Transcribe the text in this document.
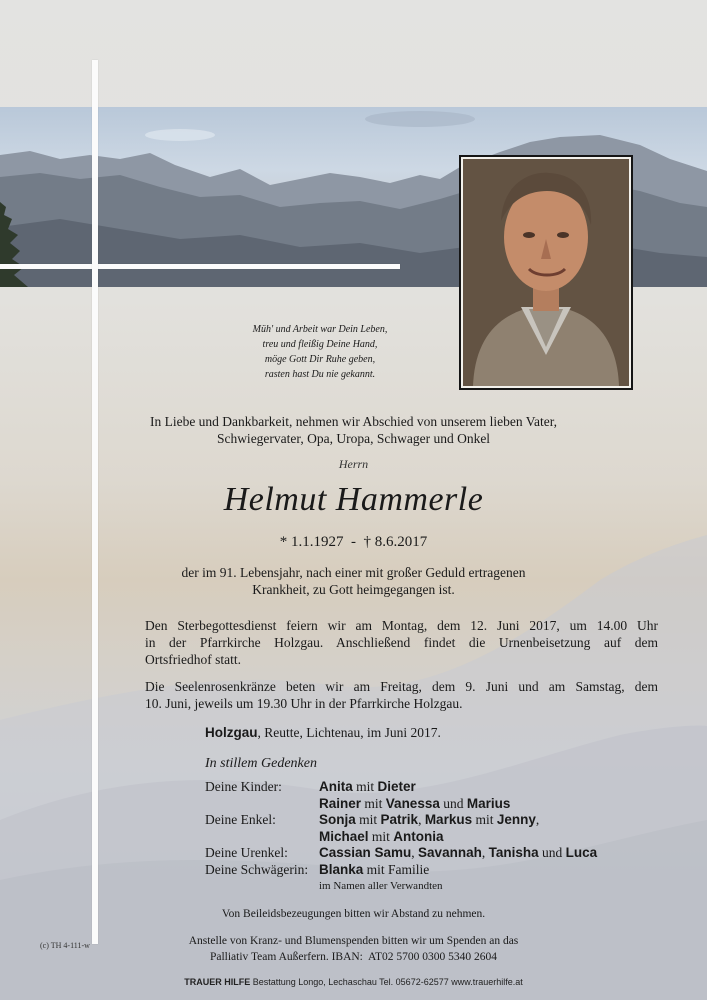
Müh' und Arbeit war Dein Leben,
treu und fleißig Deine Hand,
möge Gott Dir Ruhe geben,
rasten hast Du nie gekannt.
In Liebe und Dankbarkeit, nehmen wir Abschied von unserem lieben Vater,
Schwiegervater, Opa, Uropa, Schwager und Onkel
Herrn
Helmut Hammerle
* 1.1.1927  -  † 8.6.2017
der im 91. Lebensjahr, nach einer mit großer Geduld ertragenen
Krankheit, zu Gott heimgegangen ist.
Den Sterbegottesdienst feiern wir am Montag, dem 12. Juni 2017, um 14.00 Uhr
in der Pfarrkirche Holzgau. Anschließend findet die Urnenbeisetzung auf dem
Ortsfriedhof statt.
Die Seelenrosenkränze beten wir am Freitag, dem 9. Juni und am Samstag, dem
10. Juni, jeweils um 19.30 Uhr in der Pfarrkirche Holzgau.
Holzgau, Reutte, Lichtenau, im Juni 2017.
In stillem Gedenken
Deine Kinder:	Anita mit Dieter
Rainer mit Vanessa und Marius
Deine Enkel:	Sonja mit Patrik, Markus mit Jenny,
Michael mit Antonia
Deine Urenkel: Cassian Samu, Savannah, Tanisha und Luca
Deine Schwägerin: Blanka mit Familie
im Namen aller Verwandten
Von Beileidsbezeugungen bitten wir Abstand zu nehmen.
(c) TH 4-111-w	Anstelle von Kranz- und Blumenspenden bitten wir um Spenden an das
Palliativ Team Außerfern. IBAN:  AT02 5700 0300 5340 2604
TRAUER HILFE Bestattung Longo, Lechaschau Tel. 05672-62577 www.trauerhilfe.at
